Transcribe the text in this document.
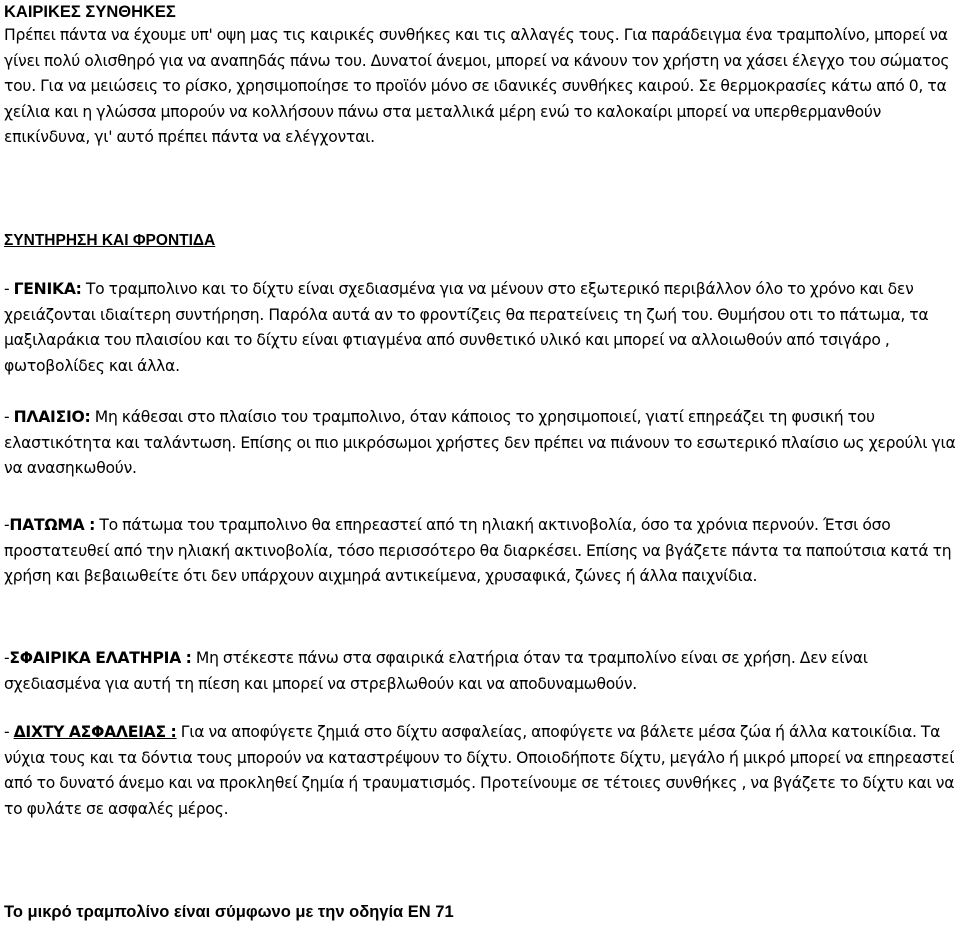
ΚΑΙΡΙΚΕΣ ΣΥΝΘΗΚΕΣ

Πρέπει πάντα να έχουμε υπ' οψη μας τις καιρικές συνθήκες και τις αλλαγές τους. Για παράδειγμα ένα τραμπολίνο, μπορεί να γίνει πολύ ολισθηρό για να αναπηδάς πάνω του. Δυνατοί άνεμοι, μπορεί να κάνουν τον χρήστη να χάσει έλεγχο του σώματος του. Για να μειώσεις το ρίσκο, χρησιμοποίησε το προϊόν μόνο σε ιδανικές συνθήκες καιρού. Σε θερμοκρασίες κάτω από 0, τα χείλια και η γλώσσα μπορούν να κολλήσουν πάνω στα μεταλλικά μέρη ενώ το καλοκαίρι μπορεί να υπερθερμανθούν επικίνδυνα, γι' αυτό πρέπει πάντα να ελέγχονται.

ΣΥΝΤΗΡΗΣΗ ΚΑΙ ΦΡΟΝΤΙΔΑ

- ΓΕΝΙΚΑ: Το τραμπολινο και το δίχτυ είναι σχεδιασμένα για να μένουν στο εξωτερικό περιβάλλον όλο το χρόνο και δεν χρειάζονται ιδιαίτερη συντήρηση. Παρόλα αυτά αν το φροντίζεις θα περατείνεις τη ζωή του. Θυμήσου οτι το πάτωμα, τα μαξιλαράκια του πλαισίου και το δίχτυ είναι φτιαγμένα από συνθετικό υλικό και μπορεί να αλλοιωθούν από τσιγάρο , φωτοβολίδες και άλλα.

- ΠΛΑΙΣΙΟ: Μη κάθεσαι στο πλαίσιο του τραμπολινο, όταν κάποιος το χρησιμοποιεί, γιατί επηρεάζει τη φυσική του ελαστικότητα και ταλάντωση. Επίσης οι πιο μικρόσωμοι χρήστες δεν πρέπει να πιάνουν το εσωτερικό πλαίσιο ως χερούλι για να ανασηκωθούν.

-ΠΑΤΩΜΑ : Το πάτωμα του τραμπολινο θα επηρεαστεί από τη ηλιακή ακτινοβολία, όσο τα χρόνια περνούν. Έτσι όσο προστατευθεί από την ηλιακή ακτινοβολία, τόσο περισσότερο θα διαρκέσει. Επίσης να βγάζετε πάντα τα παπούτσια κατά τη χρήση και βεβαιωθείτε ότι δεν υπάρχουν αιχμηρά αντικείμενα, χρυσαφικά, ζώνες ή άλλα παιχνίδια.

-ΣΦΑΙΡΙΚΑ ΕΛΑΤΗΡΙΑ : Μη στέκεστε πάνω στα σφαιρικά ελατήρια όταν τα τραμπολίνο είναι σε χρήση. Δεν είναι σχεδιασμένα για αυτή τη πίεση και μπορεί να στρεβλωθούν και να αποδυναμωθούν.

- ΔΙΧΤΥ ΑΣΦΑΛΕΙΑΣ : Για να αποφύγετε ζημιά στο δίχτυ ασφαλείας, αποφύγετε να βάλετε μέσα ζώα ή άλλα κατοικίδια. Τα νύχια τους και τα δόντια τους μπορούν να καταστρέψουν το δίχτυ. Οποιοδήποτε δίχτυ, μεγάλο ή μικρό μπορεί να επηρεαστεί από το δυνατό άνεμο και να προκληθεί ζημία ή τραυματισμός. Προτείνουμε σε τέτοιες συνθήκες , να βγάζετε το δίχτυ και να το φυλάτε σε ασφαλές μέρος.

Το μικρό τραμπολίνο είναι σύμφωνο με την οδηγία EN 71
